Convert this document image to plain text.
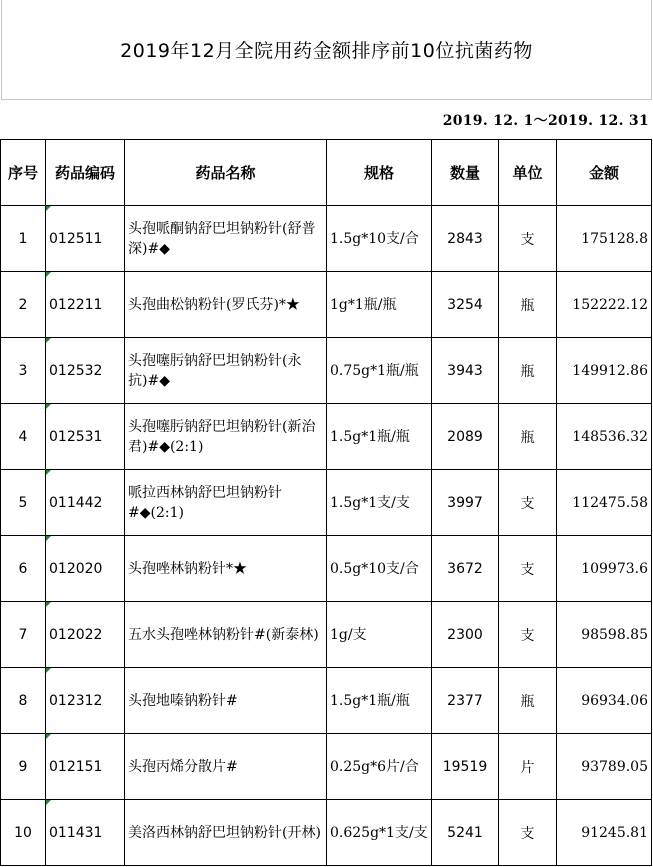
2019年12月全院用药金额排序前10位抗菌药物
2019. 12. 1～2019. 12. 31
序号	药品编码	药品名称	规格	数量	单位	金额
1	012511	头孢哌酮钠舒巴坦钠粉针(舒普深)#◆	1.5g*10支/合	2843	支	175128.8
2	012211	头孢曲松钠粉针(罗氏芬)*★	1g*1瓶/瓶	3254	瓶	152222.12
3	012532	头孢噻肟钠舒巴坦钠粉针(永抗)#◆	0.75g*1瓶/瓶	3943	瓶	149912.86
4	012531	头孢噻肟钠舒巴坦钠粉针(新治君)#◆(2:1)	1.5g*1瓶/瓶	2089	瓶	148536.32
5	011442	哌拉西林钠舒巴坦钠粉针#◆(2:1)	1.5g*1支/支	3997	支	112475.58
6	012020	头孢唑林钠粉针*★	0.5g*10支/合	3672	支	109973.6
7	012022	五水头孢唑林钠粉针#(新泰林)	1g/支	2300	支	98598.85
8	012312	头孢地嗪钠粉针#	1.5g*1瓶/瓶	2377	瓶	96934.06
9	012151	头孢丙烯分散片#	0.25g*6片/合	19519	片	93789.05
10	011431	美洛西林钠舒巴坦钠粉针(开林)	0.625g*1支/支	5241	支	91245.81
